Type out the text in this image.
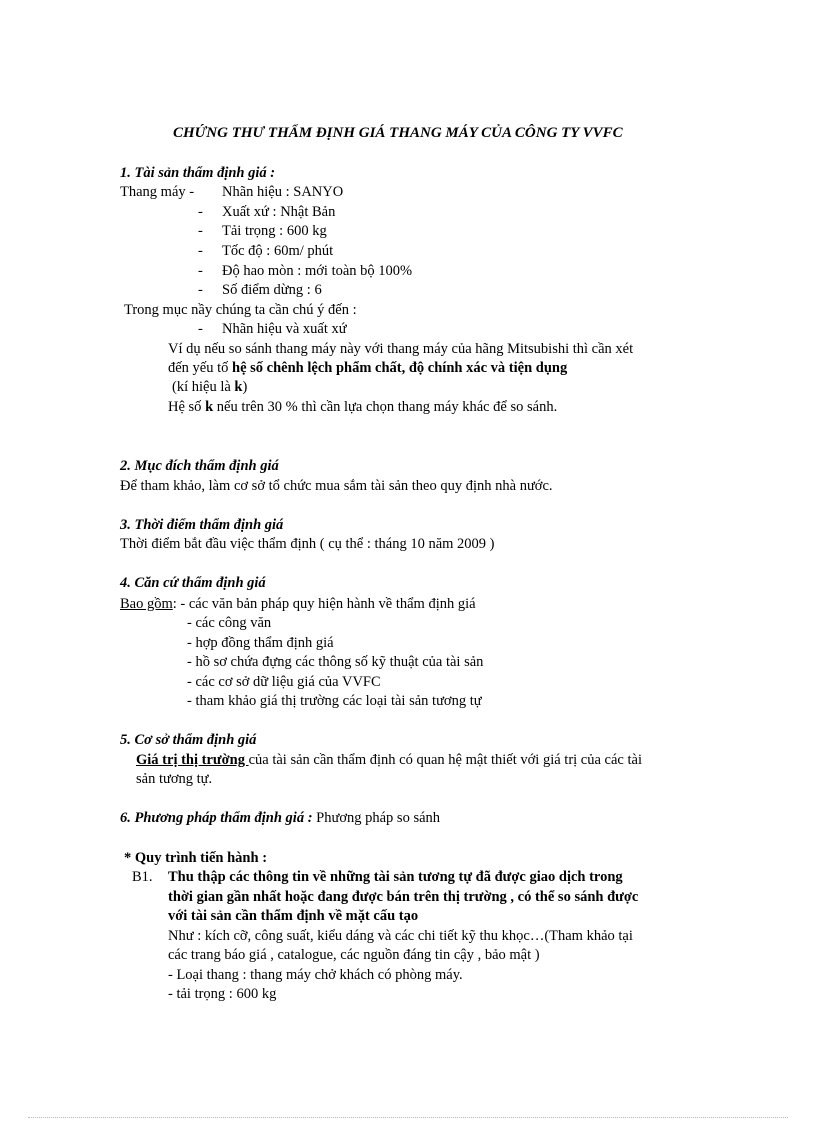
CHỨNG THƯ THẨM ĐỊNH GIÁ THANG MÁY CỦA CÔNG TY VVFC
1. Tài sản thẩm định giá :
Thang máy - Nhãn hiệu : SANYO
- Xuất xứ : Nhật Bản
- Tải trọng : 600 kg
- Tốc độ : 60m/ phút
- Độ hao mòn : mới toàn bộ 100%
- Số điểm dừng : 6
Trong mục nầy chúng ta cần chú ý đến :
- Nhãn hiệu và xuất xứ
Ví dụ nếu so sánh thang máy này với thang máy của hãng Mitsubishi thì cần xét
đến yếu tố hệ số chênh lệch phẩm chất, độ chính xác và tiện dụng
(kí hiệu là k)
Hệ số k nếu trên 30 % thì cần lựa chọn thang máy khác để so sánh.
2. Mục đích thẩm định giá
Để tham khảo, làm cơ sở tổ chức mua sắm tài sản theo quy định nhà nước.
3. Thời điểm thẩm định giá
Thời điểm bắt đầu việc thẩm định ( cụ thể : tháng 10 năm 2009 )
4. Căn cứ thẩm định giá
Bao gồm: - các văn bản pháp quy hiện hành về thẩm định giá
- các công văn
- hợp đồng thẩm định giá
- hồ sơ chứa đựng các thông số kỹ thuật của tài sản
- các cơ sở dữ liệu giá của VVFC
- tham khảo giá thị trường các loại tài sản tương tự
5. Cơ sở thẩm định giá
Giá trị thị trường của tài sản cần thẩm định có quan hệ mật thiết với giá trị của các tài
sản tương tự.
6. Phương pháp thẩm định giá : Phương pháp so sánh
* Quy trình tiến hành :
B1. Thu thập các thông tin về những tài sản tương tự đã được giao dịch trong
thời gian gần nhất hoặc đang được bán trên thị trường , có thể so sánh được
với tài sản cần thẩm định về mặt cấu tạo
Như : kích cỡ, công suất, kiểu dáng và các chi tiết kỹ thu khọc…(Tham khảo tại
các trang báo giá , catalogue, các nguồn đáng tin cậy , bảo mật )
- Loại thang : thang máy chở khách có phòng máy.
- tải trọng : 600 kg
